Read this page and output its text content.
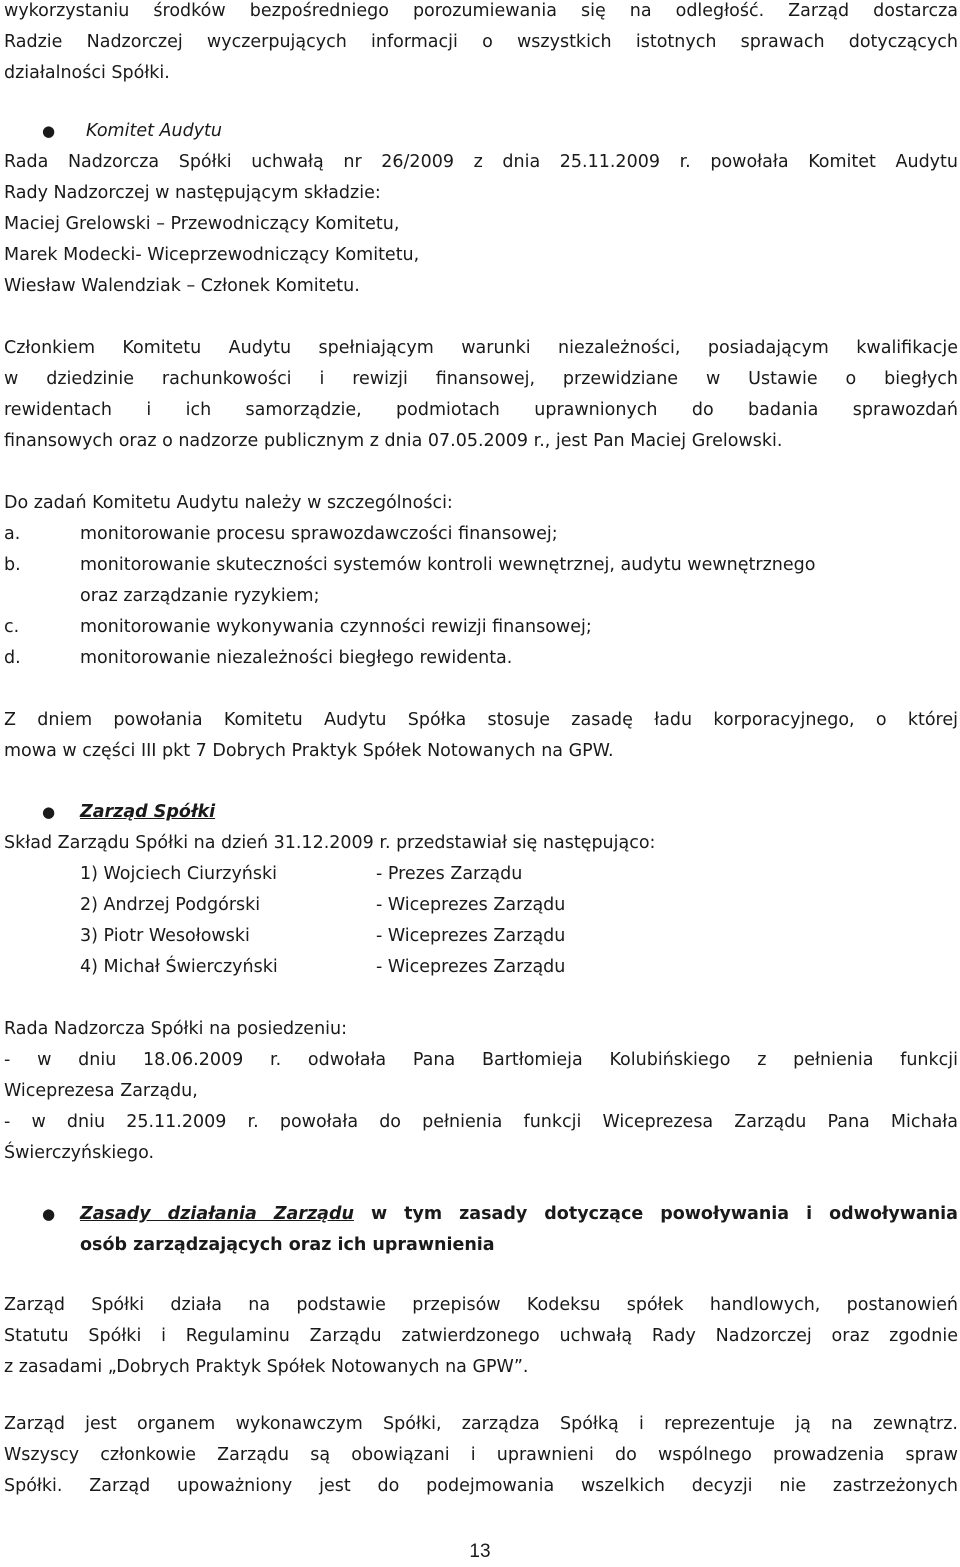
wykorzystaniu środków bezpośredniego porozumiewania się na odległość. Zarząd dostarcza

Radzie Nadzorczej wyczerpujących informacji o wszystkich istotnych sprawach dotyczących

działalności Spółki.

● Komitet Audytu

Rada Nadzorcza Spółki uchwałą nr 26/2009 z dnia 25.11.2009 r. powołała Komitet Audytu

Rady Nadzorczej w następującym składzie:

Maciej Grelowski – Przewodniczący Komitetu,

Marek Modecki- Wiceprzewodniczący Komitetu,

Wiesław Walendziak – Członek Komitetu.

Członkiem Komitetu Audytu spełniającym warunki niezależności, posiadającym kwalifikacje

w dziedzinie rachunkowości i rewizji finansowej, przewidziane w Ustawie o biegłych

rewidentach i ich samorządzie, podmiotach uprawnionych do badania sprawozdań

finansowych oraz o nadzorze publicznym z dnia 07.05.2009 r., jest Pan Maciej Grelowski.

Do zadań Komitetu Audytu należy w szczególności:
a.	monitorowanie procesu sprawozdawczości finansowej;
b.	monitorowanie skuteczności systemów kontroli wewnętrznej, audytu wewnętrznego
oraz zarządzanie ryzykiem;
c.	monitorowanie wykonywania czynności rewizji finansowej;
d.	monitorowanie niezależności biegłego rewidenta.

Z dniem powołania Komitetu Audytu Spółka stosuje zasadę ładu korporacyjnego, o której

mowa w części III pkt 7 Dobrych Praktyk Spółek Notowanych na GPW.

● Zarząd Spółki
Skład Zarządu Spółki na dzień 31.12.2009 r. przedstawiał się następująco:
1) Wojciech Ciurzyński	- Prezes Zarządu
2) Andrzej Podgórski	- Wiceprezes Zarządu
3) Piotr Wesołowski	- Wiceprezes Zarządu
4) Michał Świerczyński	- Wiceprezes Zarządu

Rada Nadzorcza Spółki na posiedzeniu:

- w dniu 18.06.2009 r. odwołała Pana Bartłomieja Kolubińskiego z pełnienia funkcji

Wiceprezesa Zarządu,

- w dniu 25.11.2009 r. powołała do pełnienia funkcji Wiceprezesa Zarządu Pana Michała

Świerczyńskiego.

● Zasady działania Zarządu w tym zasady dotyczące powoływania i odwoływania

osób zarządzających oraz ich uprawnienia

Zarząd Spółki działa na podstawie przepisów Kodeksu spółek handlowych, postanowień

Statutu Spółki i Regulaminu Zarządu zatwierdzonego uchwałą Rady Nadzorczej oraz zgodnie

z zasadami „Dobrych Praktyk Spółek Notowanych na GPW”.

Zarząd jest organem wykonawczym Spółki, zarządza Spółką i reprezentuje ją na zewnątrz.

Wszyscy członkowie Zarządu są obowiązani i uprawnieni do wspólnego prowadzenia spraw

Spółki. Zarząd upoważniony jest do podejmowania wszelkich decyzji nie zastrzeżonych

13
